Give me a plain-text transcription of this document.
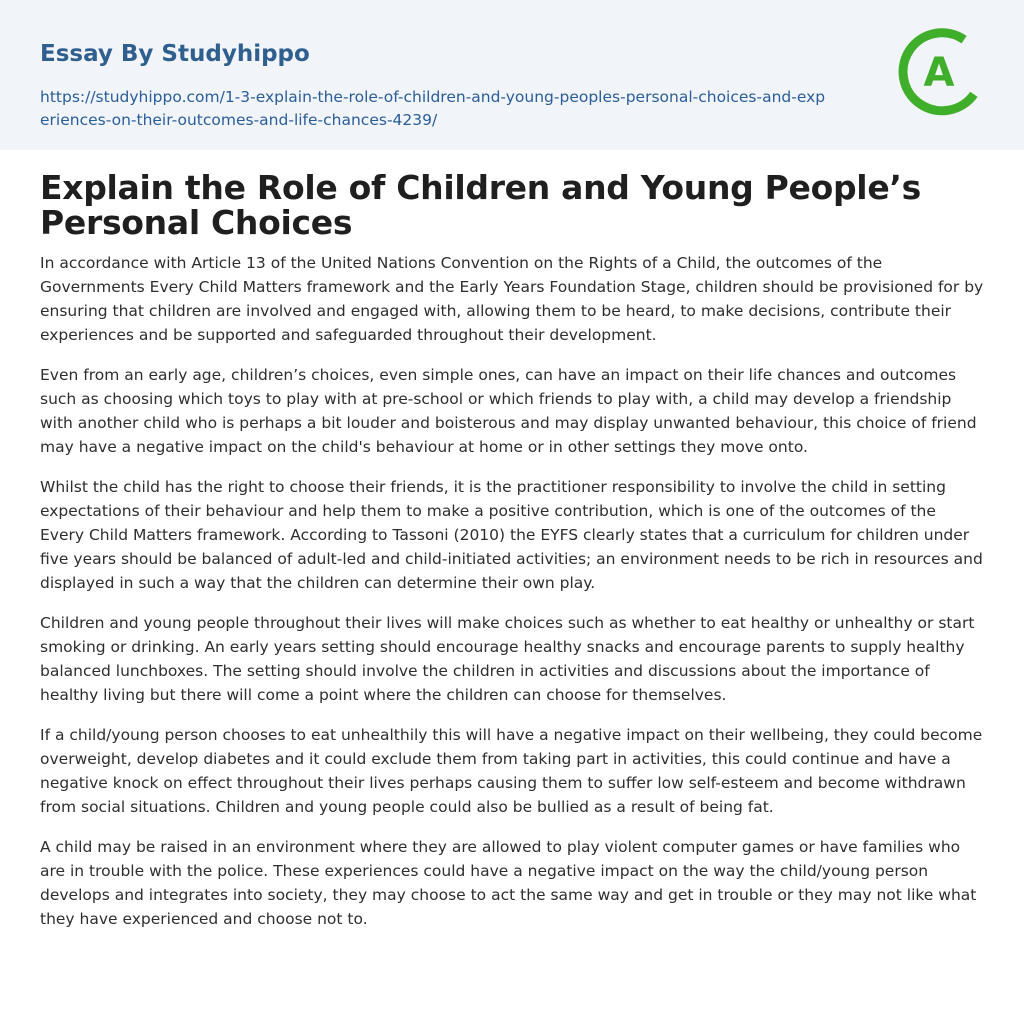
Essay By Studyhippo
https://studyhippo.com/1-3-explain-the-role-of-children-and-young-peoples-personal-choices-and-experiences-on-their-outcomes-and-life-chances-4239/
A
Explain the Role of Children and Young People’s Personal Choices

In accordance with Article 13 of the United Nations Convention on the Rights of a Child, the outcomes of the Governments Every Child Matters framework and the Early Years Foundation Stage, children should be provisioned for by ensuring that children are involved and engaged with, allowing them to be heard, to make decisions, contribute their experiences and be supported and safeguarded throughout their development.

Even from an early age, children’s choices, even simple ones, can have an impact on their life chances and outcomes such as choosing which toys to play with at pre-school or which friends to play with, a child may develop a friendship with another child who is perhaps a bit louder and boisterous and may display unwanted behaviour, this choice of friend may have a negative impact on the child's behaviour at home or in other settings they move onto.

Whilst the child has the right to choose their friends, it is the practitioner responsibility to involve the child in setting expectations of their behaviour and help them to make a positive contribution, which is one of the outcomes of the Every Child Matters framework. According to Tassoni (2010) the EYFS clearly states that a curriculum for children under five years should be balanced of adult-led and child-initiated activities; an environment needs to be rich in resources and displayed in such a way that the children can determine their own play.

Children and young people throughout their lives will make choices such as whether to eat healthy or unhealthy or start smoking or drinking. An early years setting should encourage healthy snacks and encourage parents to supply healthy balanced lunchboxes. The setting should involve the children in activities and discussions about the importance of healthy living but there will come a point where the children can choose for themselves.

If a child/young person chooses to eat unhealthily this will have a negative impact on their wellbeing, they could become overweight, develop diabetes and it could exclude them from taking part in activities, this could continue and have a negative knock on effect throughout their lives perhaps causing them to suffer low self-esteem and become withdrawn from social situations. Children and young people could also be bullied as a result of being fat.

A child may be raised in an environment where they are allowed to play violent computer games or have families who are in trouble with the police. These experiences could have a negative impact on the way the child/young person develops and integrates into society, they may choose to act the same way and get in trouble or they may not like what they have experienced and choose not to.
